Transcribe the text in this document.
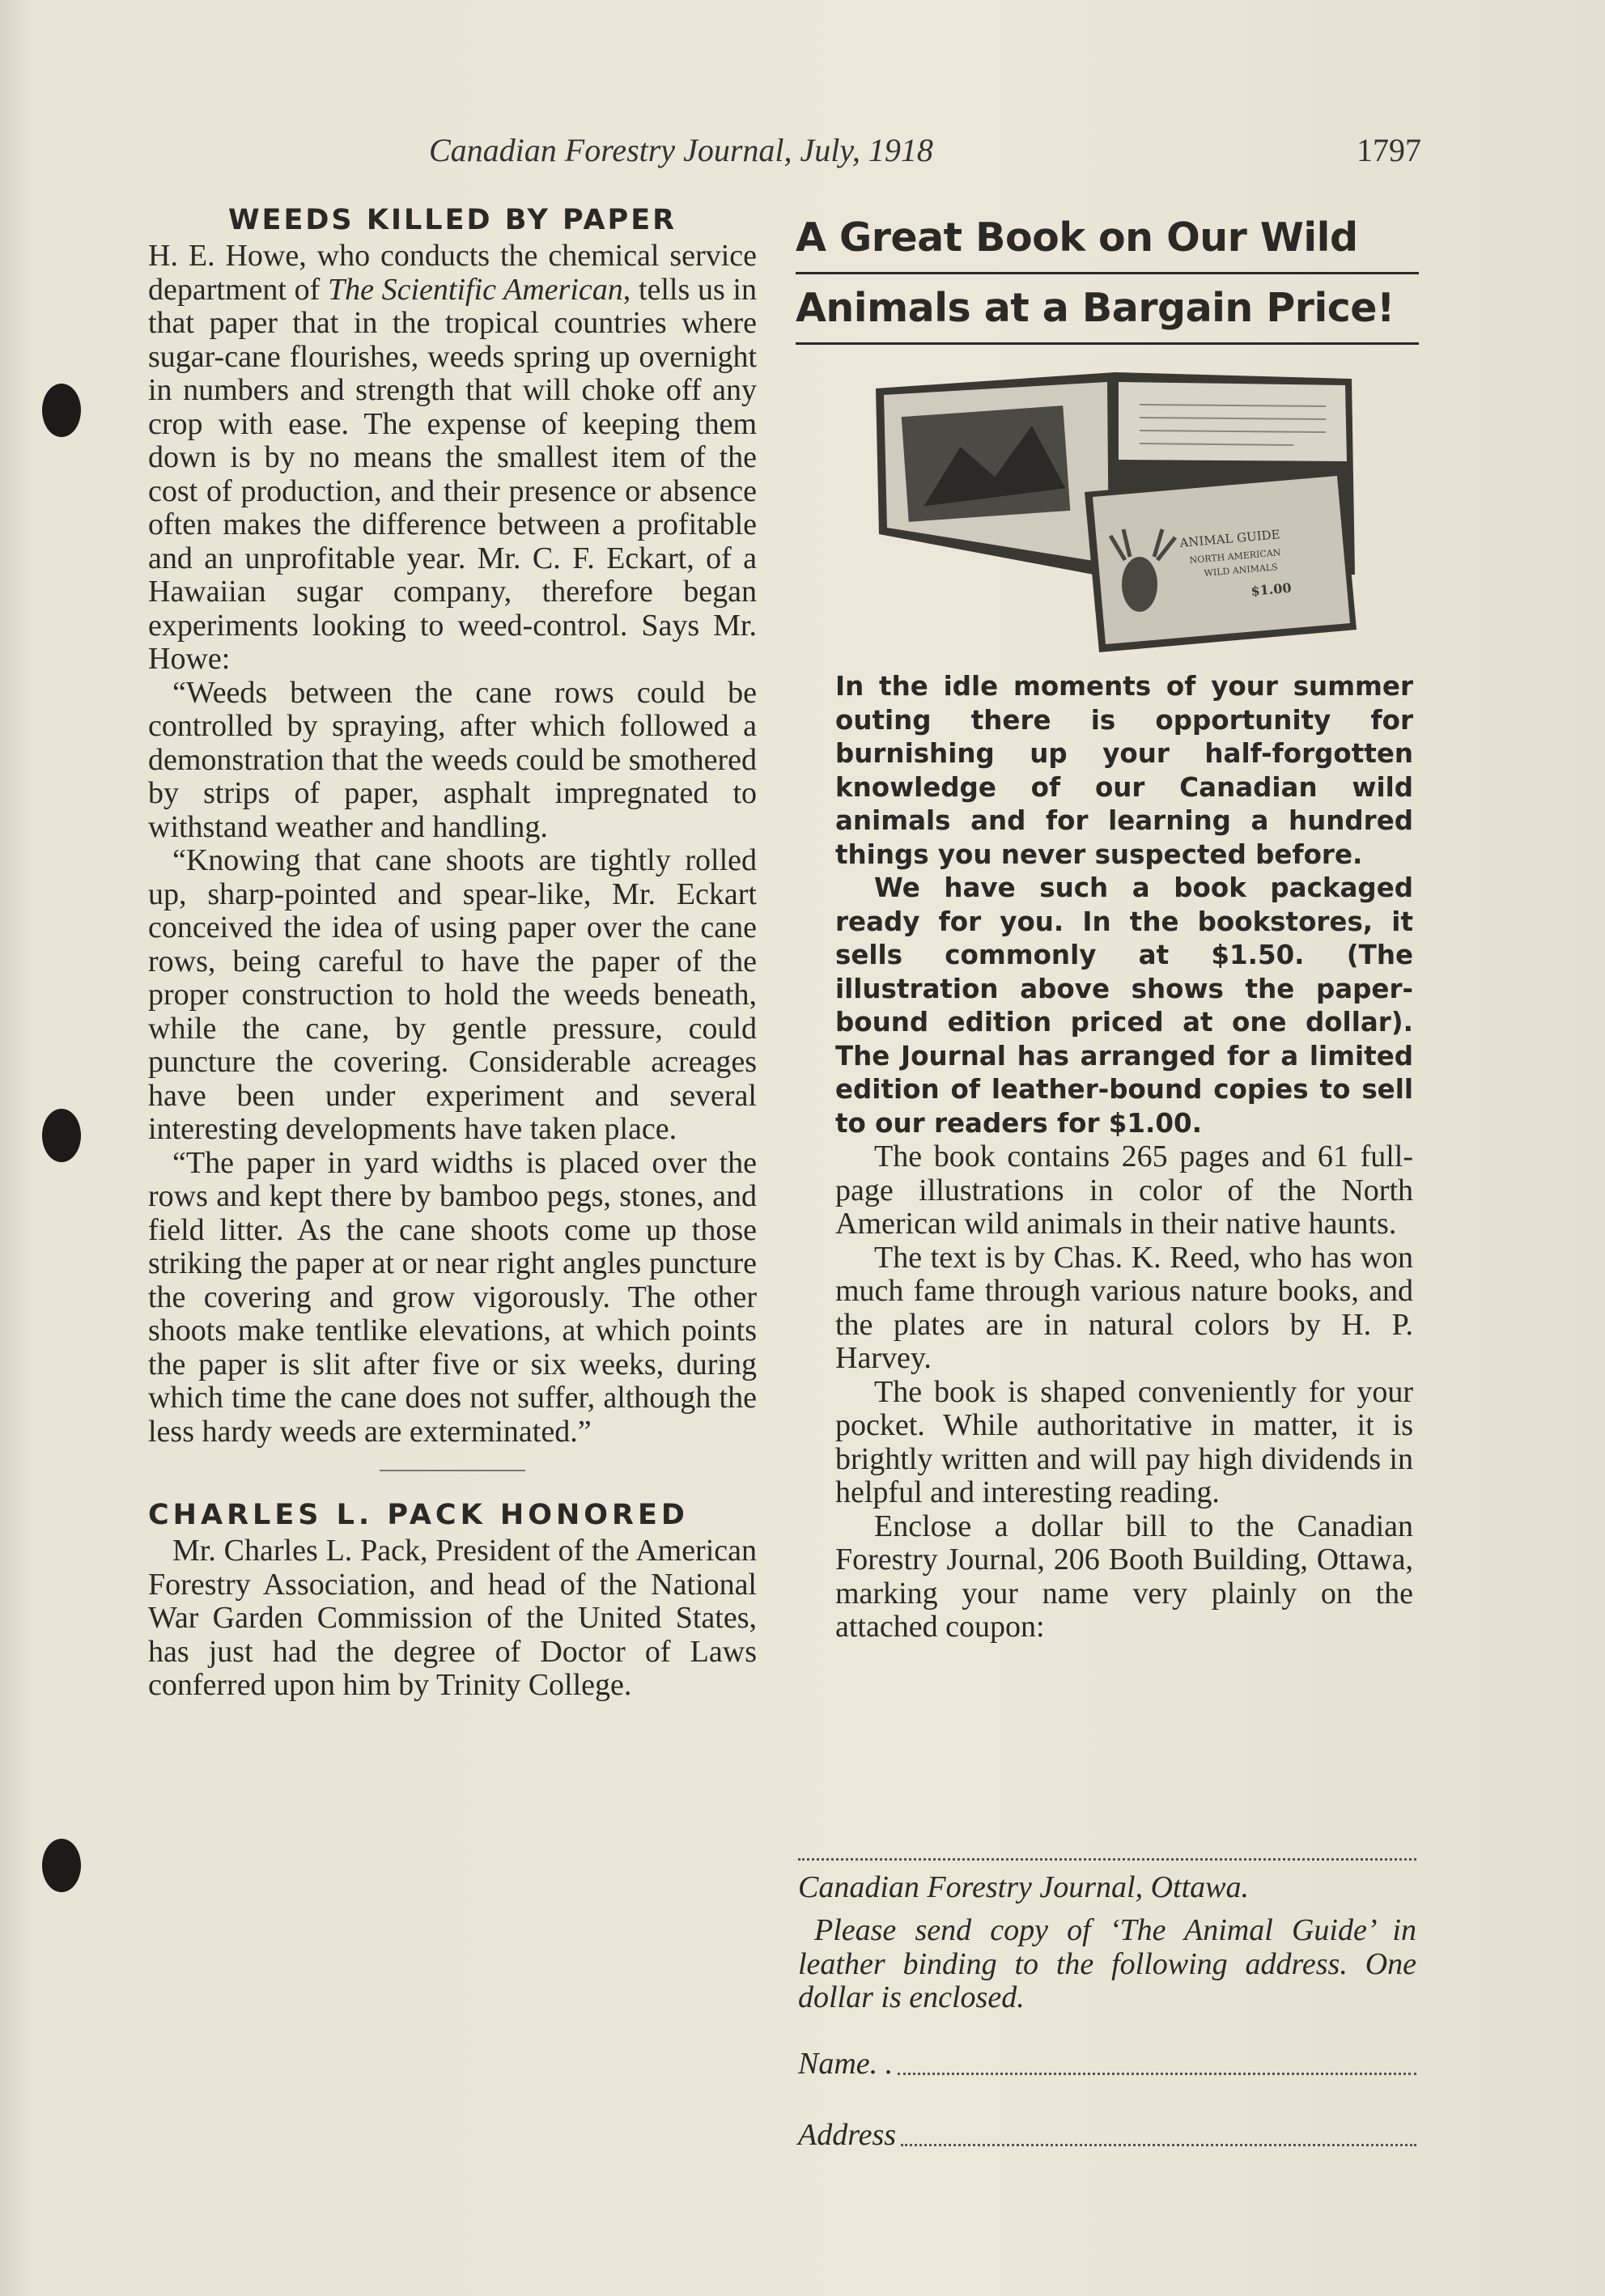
Canadian Forestry Journal, July, 1918	1797
WEEDS KILLED BY PAPER

H. E. Howe, who conducts the chemical service department of The Scientific American, tells us in that paper that in the tropical countries where sugar-cane flourishes, weeds spring up overnight in numbers and strength that will choke off any crop with ease. The expense of keeping them down is by no means the smallest item of the cost of production, and their presence or absence often makes the difference between a profitable and an unprofitable year. Mr. C. F. Eckart, of a Hawaiian sugar company, therefore began experiments looking to weed-control. Says Mr. Howe:

“Weeds between the cane rows could be controlled by spraying, after which followed a demonstration that the weeds could be smothered by strips of paper, asphalt impregnated to withstand weather and handling.

“Knowing that cane shoots are tightly rolled up, sharp-pointed and spear-like, Mr. Eckart conceived the idea of using paper over the cane rows, being careful to have the paper of the proper construction to hold the weeds beneath, while the cane, by gentle pressure, could puncture the covering. Considerable acreages have been under experiment and several interesting developments have taken place.

“The paper in yard widths is placed over the rows and kept there by bamboo pegs, stones, and field litter. As the cane shoots come up those striking the paper at or near right angles puncture the covering and grow vigorously. The other shoots make tentlike elevations, at which points the paper is slit after five or six weeks, during which time the cane does not suffer, although the less hardy weeds are exterminated.”

CHARLES L. PACK HONORED

Mr. Charles L. Pack, President of the American Forestry Association, and head of the National War Garden Commission of the United States, has just had the degree of Doctor of Laws conferred upon him by Trinity College.

A Great Book on Our Wild
Animals at a Bargain Price!
ANIMAL GUIDE
NORTH AMERICAN
WILD ANIMALS
$1.00

In the idle moments of your summer outing there is opportunity for burnishing up your half-forgotten knowledge of our Canadian wild animals and for learning a hundred things you never suspected before.

We have such a book packaged ready for you. In the bookstores, it sells commonly at $1.50. (The illustration above shows the paper-bound edition priced at one dollar). The Journal has arranged for a limited edition of leather-bound copies to sell to our readers for $1.00.

The book contains 265 pages and 61 full-page illustrations in color of the North American wild animals in their native haunts.

The text is by Chas. K. Reed, who has won much fame through various nature books, and the plates are in natural colors by H. P. Harvey.

The book is shaped conveniently for your pocket. While authoritative in matter, it is brightly written and will pay high dividends in helpful and interesting reading.

Enclose a dollar bill to the Canadian Forestry Journal, 206 Booth Building, Ottawa, marking your name very plainly on the attached coupon:

Canadian Forestry Journal, Ottawa.

Please send copy of ‘The Animal Guide’ in leather binding to the following address. One dollar is enclosed.

Name. .
Address
